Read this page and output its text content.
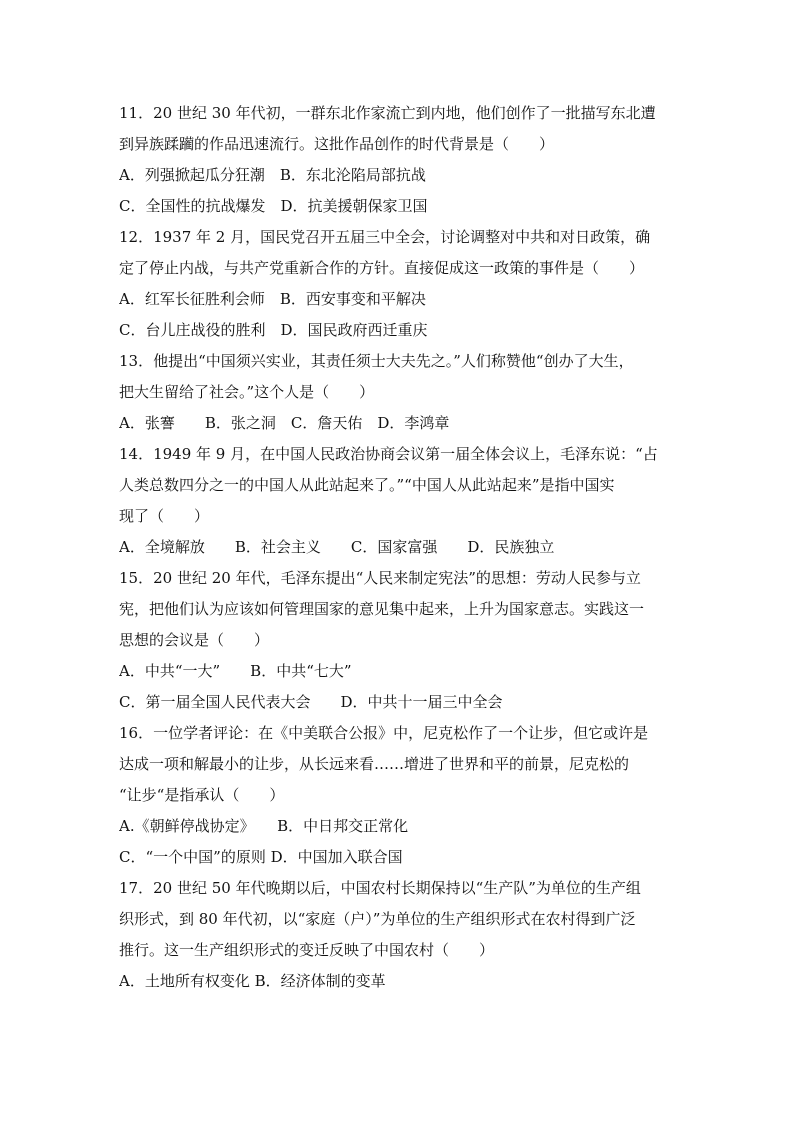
11．20 世纪 30 年代初，一群东北作家流亡到内地，他们创作了一批描写东北遭
到异族蹂躏的作品迅速流行。这批作品创作的时代背景是（　　）
A．列强掀起瓜分狂潮　B．东北沦陷局部抗战
C．全国性的抗战爆发　D．抗美援朝保家卫国
12．1937 年 2 月，国民党召开五届三中全会，讨论调整对中共和对日政策，确
定了停止内战，与共产党重新合作的方针。直接促成这一政策的事件是（　　）
A．红军长征胜利会师　B．西安事变和平解决
C．台儿庄战役的胜利　D．国民政府西迁重庆
13．他提出“中国须兴实业，其责任须士大夫先之。”人们称赞他“创办了大生，
把大生留给了社会。”这个人是（　　）
A．张謇　　B．张之洞　C．詹天佑　D．李鸿章
14．1949 年 9 月，在中国人民政治协商会议第一届全体会议上，毛泽东说：“占
人类总数四分之一的中国人从此站起来了。”“中国人从此站起来”是指中国实
现了（　　）
A．全境解放　　B．社会主义　　C．国家富强　　D．民族独立
15．20 世纪 20 年代，毛泽东提出“人民来制定宪法”的思想：劳动人民参与立
宪，把他们认为应该如何管理国家的意见集中起来，上升为国家意志。实践这一
思想的会议是（　　）
A．中共“一大”　　B．中共“七大”
C．第一届全国人民代表大会　　D．中共十一届三中全会
16．一位学者评论：在《中美联合公报》中，尼克松作了一个让步，但它或许是
达成一项和解最小的让步，从长远来看……增进了世界和平的前景，尼克松的
“让步“是指承认（　　）
A.《朝鲜停战协定》　　B．中日邦交正常化
C．“一个中国”的原则 D．中国加入联合国
17．20 世纪 50 年代晚期以后，中国农村长期保持以“生产队”为单位的生产组
织形式，到 80 年代初，以“家庭（户）”为单位的生产组织形式在农村得到广泛
推行。这一生产组织形式的变迁反映了中国农村（　　）
A．土地所有权变化 B．经济体制的变革
